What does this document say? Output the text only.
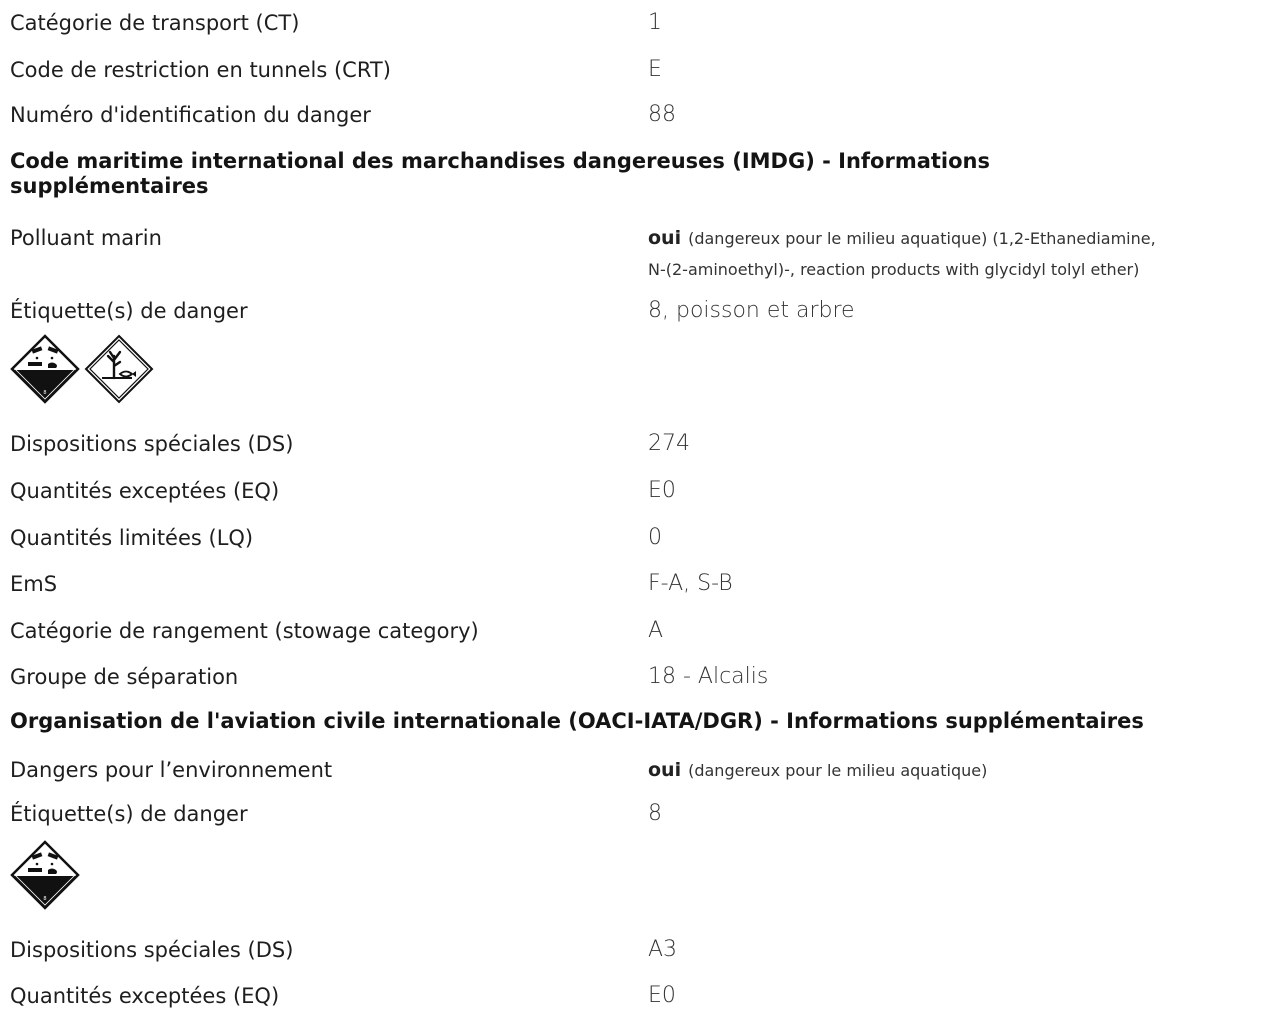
Catégorie de transport (CT)	1
Code de restriction en tunnels (CRT)	E
Numéro d'identification du danger	88
Code maritime international des marchandises dangereuses (IMDG) - Informations supplémentaires
Polluant marin	oui (dangereux pour le milieu aquatique) (1,2-Ethanediamine,
N-(2-aminoethyl)-, reaction products with glycidyl tolyl ether)
Étiquette(s) de danger	8, poisson et arbre
8
Dispositions spéciales (DS)	274
Quantités exceptées (EQ)	E0
Quantités limitées (LQ)	0
EmS	F-A, S-B
Catégorie de rangement (stowage category)	A
Groupe de séparation	18 - Alcalis
Organisation de l'aviation civile internationale (OACI-IATA/DGR) - Informations supplémentaires
Dangers pour l’environnement	oui (dangereux pour le milieu aquatique)
Étiquette(s) de danger	8
8
Dispositions spéciales (DS)	A3
Quantités exceptées (EQ)	E0
